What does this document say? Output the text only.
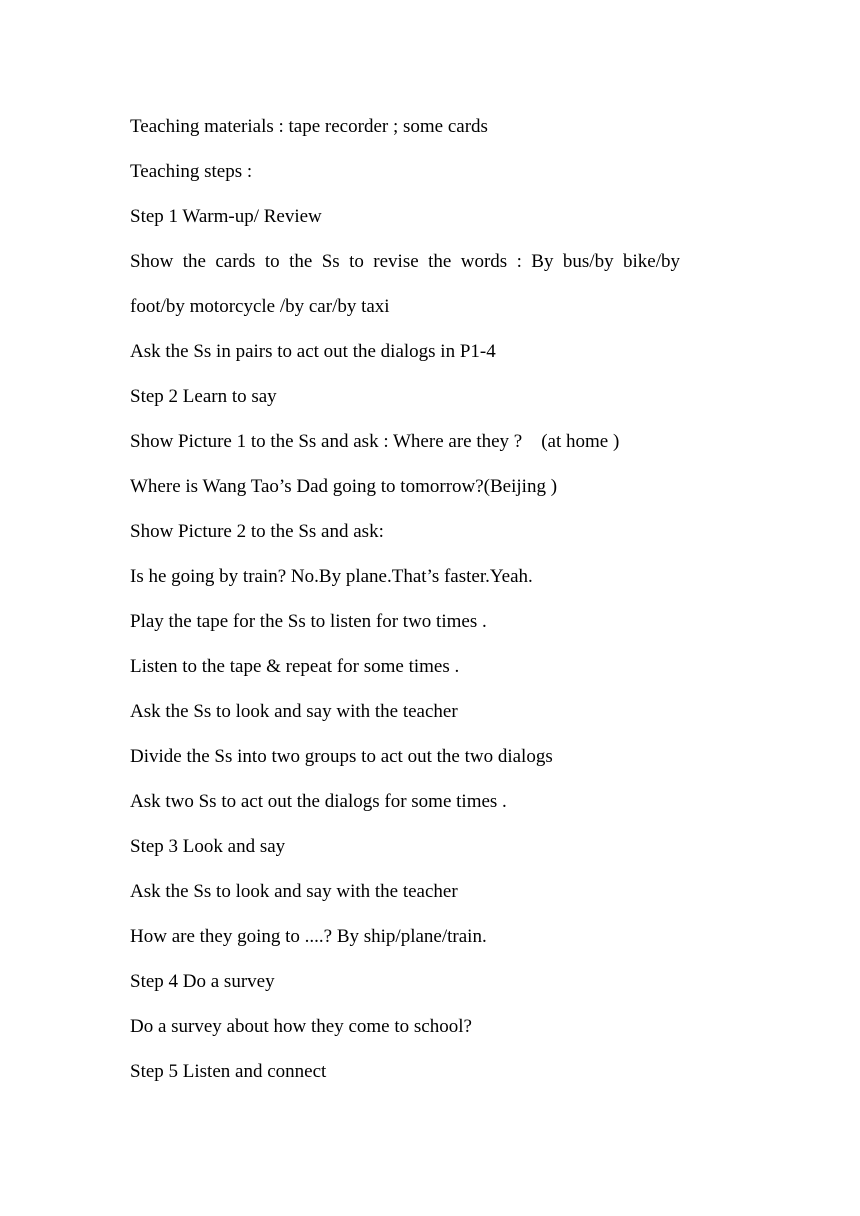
Teaching materials : tape recorder ; some cards
Teaching steps :
Step 1 Warm-up/ Review
Show the cards to the Ss to revise the words : By bus/by bike/by
foot/by motorcycle /by car/by taxi
Ask the Ss in pairs to act out the dialogs in P1-4
Step 2 Learn to say
Show Picture 1 to the Ss and ask : Where are they ?    (at home )
Where is Wang Tao’s Dad going to tomorrow?(Beijing )
Show Picture 2 to the Ss and ask:
Is he going by train? No.By plane.That’s faster.Yeah.
Play the tape for the Ss to listen for two times .
Listen to the tape & repeat for some times .
Ask the Ss to look and say with the teacher
Divide the Ss into two groups to act out the two dialogs
Ask two Ss to act out the dialogs for some times .
Step 3 Look and say
Ask the Ss to look and say with the teacher
How are they going to ....? By ship/plane/train.
Step 4 Do a survey
Do a survey about how they come to school?
Step 5 Listen and connect
